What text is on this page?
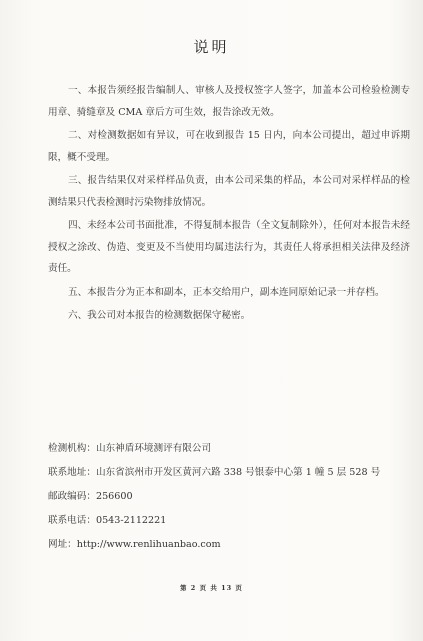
说明

一、本报告须经报告编制人、审核人及授权签字人签字，加盖本公司检验检测专用章、骑缝章及 CMA 章后方可生效，报告涂改无效。

二、对检测数据如有异议，可在收到报告 15 日内，向本公司提出，超过申诉期限，概不受理。

三、报告结果仅对采样样品负责，由本公司采集的样品，本公司对采样样品的检测结果只代表检测时污染物排放情况。

四、未经本公司书面批准，不得复制本报告（全文复制除外），任何对本报告未经授权之涂改、伪造、变更及不当使用均属违法行为，其责任人将承担相关法律及经济责任。

五、本报告分为正本和副本，正本交给用户，副本连同原始记录一并存档。

六、我公司对本报告的检测数据保守秘密。

检测机构：山东神盾环境测评有限公司
联系地址：山东省滨州市开发区黄河六路 338 号银泰中心第 1 幢 5 层 528 号
邮政编码：256600
联系电话：0543-2112221
网址：http://www.renlihuanbao.com
第 2 页 共 13 页
